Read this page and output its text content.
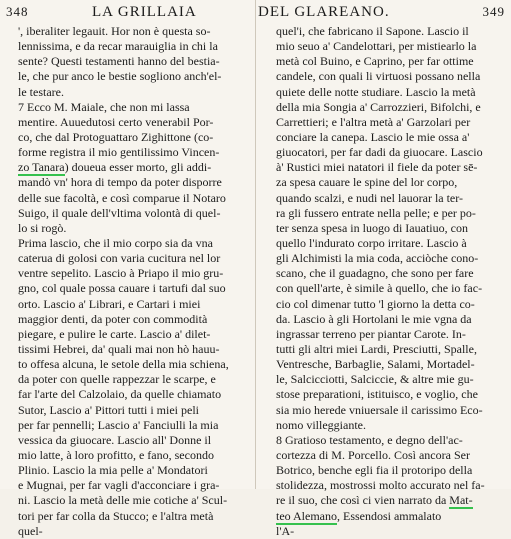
348	LA GRILLAIA
', iberaliter legauit. Hor non è questa so-
lennissima, e da recar marauiglia in chi la
sente? Questi testamenti hanno del bestia-
le, che pur anco le bestie sogliono anch'el-
le testare.
7 Ecco M. Maiale, che non mi lassa
mentire. Auuedutosi certo venerabil Por-
co, che dal Protoguattaro Zighittone (co-
forme registra il mio gentilissimo Vincen-
zo Tanara) doueua esser morto, gli addi-
mandò vn' hora di tempo da poter disporre
delle sue facoltà, e così comparue il Notaro
Suigo, il quale dell'vltima volontà di quel-
lo si rogò.
Prima lascio, che il mio corpo sia da vna
caterua di golosi con varia cucitura nel lor
ventre sepelito. Lascio à Priapo il mio gru-
gno, col quale possa cauare i tartufi dal suo
orto. Lascio a' Librari, e Cartari i miei
maggior denti, da poter con commodità
piegare, e pulire le carte. Lascio a' dilet-
tissimi Hebrei, da' quali mai non hò hauu-
to offesa alcuna, le setole della mia schiena,
da poter con quelle rappezzar le scarpe, e
far l'arte del Calzolaio, da quelle chiamato
Sutor, Lascio a' Pittori tutti i miei peli
per far pennelli; Lascio a' Fanciulli la mia
vessica da giuocare. Lascio all' Donne il
mio latte, à loro profitto, e fano, secondo
Plinio. Lascio la mia pelle a' Mondatori
e Mugnai, per far vagli d'acconciare i gra-
ni. Lascio la metà delle mie cotiche a' Scul-
tori per far colla da Stucco; e l'altra metà
quel-
DEL GLAREANO.	349
quel'i, che fabricano il Sapone. Lascio il
mio seuo a' Candelottari, per mistiearlo la
metà col Buino, e Caprino, per far ottime
candele, con quali li virtuosi possano nella
quiete delle notte studiare. Lascio la metà
della mia Songia a' Carrozzieri, Bifolchi, e
Carrettieri; e l'altra metà a' Garzolari per
conciare la canepa. Lascio le mie ossa a'
giuocatori, per far dadi da giuocare. Lascio
à' Rustici miei natatori il fiele da poter sē-
za spesa cauare le spine del lor corpo,
quando scalzi, e nudi nel lauorar la ter-
ra gli fussero entrate nella pelle; e per po-
ter senza spesa in luogo di Iauatiuo, con
quello l'indurato corpo irritare. Lascio à
gli Alchimisti la mia coda, acciòche cono-
scano, che il guadagno, che sono per fare
con quell'arte, è simile à quello, che io fac-
cio col dimenar tutto 'l giorno la detta co-
da. Lascio à gli Hortolani le mie vgna da
ingrassar terreno per piantar Carote. In-
tutti gli altri miei Lardi, Presciutti, Spalle,
Ventresche, Barbaglie, Salami, Mortadel-
le, Salcicciotti, Salciccie, & altre mie gu-
stose preparationi, istituisco, e voglio, che
sia mio herede vniuersale il carissimo Eco-
nomo villeggiante.
8 Gratioso testamento, e degno dell'ac-
cortezza di M. Porcello. Così ancora Ser
Botrico, benche egli fia il protoripo della
stolidezza, mostrossi molto accurato nel fa-
re il suo, che così ci vien narrato da Mat-
teo Alemano, Essendosi ammalato
l'A-
